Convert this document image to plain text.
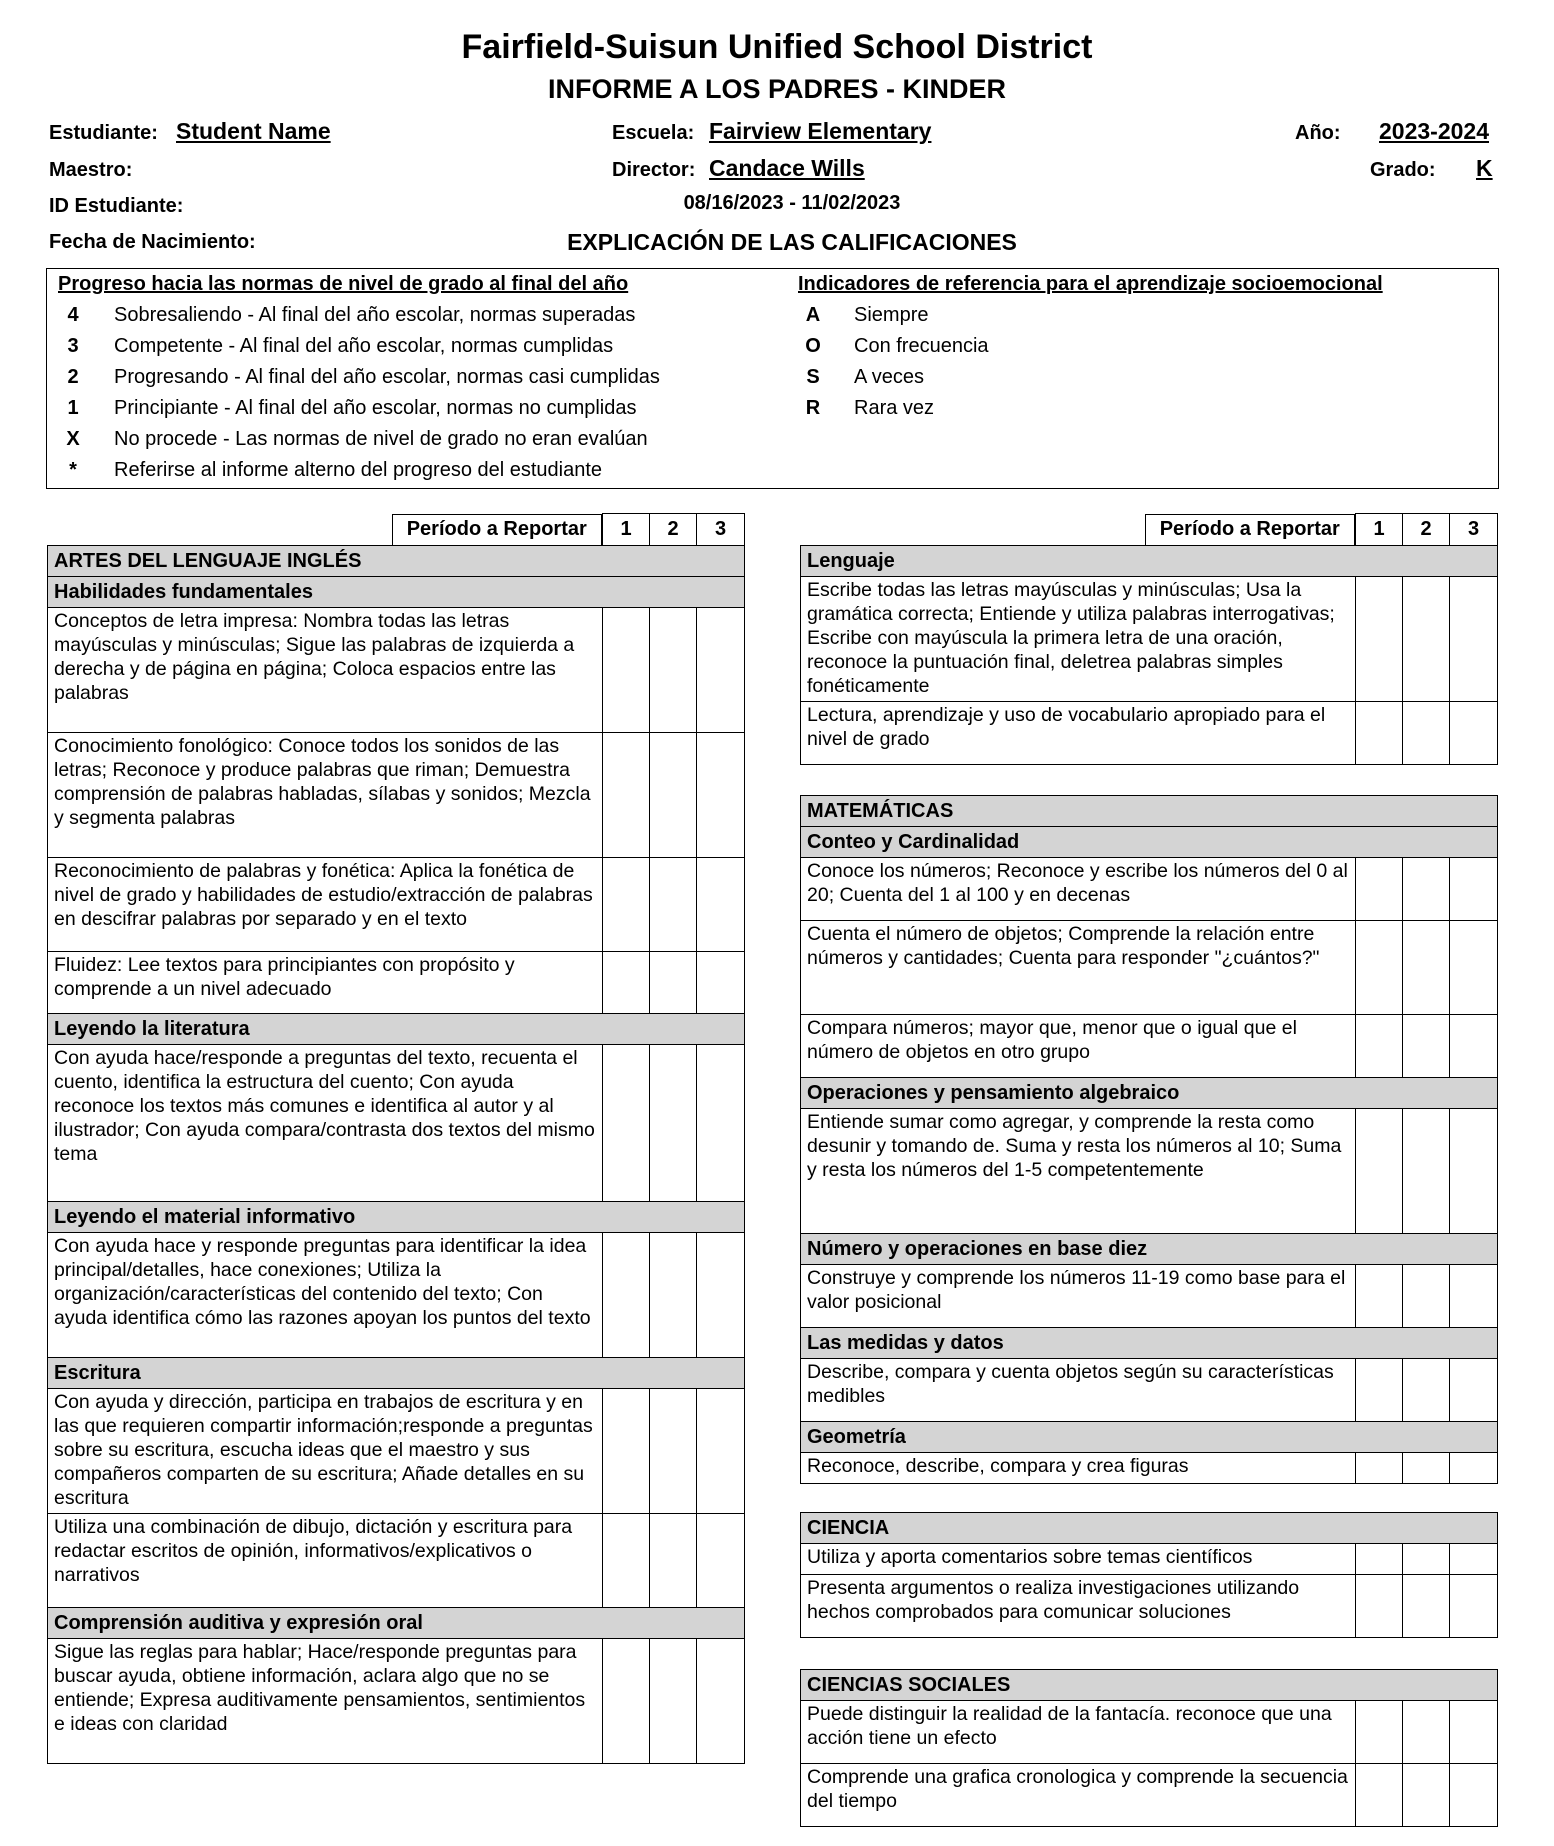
Fairfield-Suisun Unified School District
INFORME A LOS PADRES - KINDER
Estudiante: Student Name	Escuela: Fairview Elementary	Año: 2023-2024
Maestro:	Director: Candace Wills	Grado: K
ID Estudiante:	08/16/2023 - 11/02/2023
Fecha de Nacimiento:	EXPLICACIÓN DE LAS CALIFICACIONES
Progreso hacia las normas de nivel de grado al final del año	Indicadores de referencia para el aprendizaje socioemocional
4	Sobresaliendo - Al final del año escolar, normas superadas
3	Competente - Al final del año escolar, normas cumplidas
2	Progresando - Al final del año escolar, normas casi cumplidas
1	Principiante - Al final del año escolar, normas no cumplidas
X	No procede - Las normas de nivel de grado no eran evalúan
*	Referirse al informe alterno del progreso del estudiante
A	Siempre
O	Con frecuencia
S	A veces
R	Rara vez
Período a Reportar	1	2	3
ARTES DEL LENGUAJE INGLÉS			
Habilidades fundamentales			
Conceptos de letra impresa: Nombra todas las letras mayúsculas y minúsculas; Sigue las palabras de izquierda a derecha y de página en página; Coloca espacios entre las palabras			
Conocimiento fonológico: Conoce todos los sonidos de las letras; Reconoce y produce palabras que riman; Demuestra comprensión de palabras habladas, sílabas y sonidos; Mezcla y segmenta palabras			
Reconocimiento de palabras y fonética: Aplica la fonética de nivel de grado y habilidades de estudio/extracción de palabras en descifrar palabras por separado y en el texto			
Fluidez: Lee textos para principiantes con propósito y comprende a un nivel adecuado			
Leyendo la literatura			
Con ayuda hace/responde a preguntas del texto, recuenta el cuento, identifica la estructura del cuento; Con ayuda reconoce los textos más comunes e identifica al autor y al ilustrador; Con ayuda compara/contrasta dos textos del mismo tema			
Leyendo el material informativo			
Con ayuda hace y responde preguntas para identificar la idea principal/detalles, hace conexiones; Utiliza la organización/características del contenido del texto; Con ayuda identifica cómo las razones apoyan los puntos del texto			
Escritura			
Con ayuda y dirección, participa en trabajos de escritura y en las que requieren compartir información;responde a preguntas sobre su escritura, escucha ideas que el maestro y sus compañeros comparten de su escritura; Añade detalles en su escritura			
Utiliza una combinación de dibujo, dictación y escritura para redactar escritos de opinión, informativos/explicativos o narrativos			
Comprensión auditiva y expresión oral			
Sigue las reglas para hablar; Hace/responde preguntas para buscar ayuda, obtiene información, aclara algo que no se entiende; Expresa auditivamente pensamientos, sentimientos e ideas con claridad			
Período a Reportar	1	2	3
Lenguaje			
Escribe todas las letras mayúsculas y minúsculas; Usa la gramática correcta; Entiende y utiliza palabras interrogativas; Escribe con mayúscula la primera letra de una oración, reconoce la puntuación final, deletrea palabras simples fonéticamente			
Lectura, aprendizaje y uso de vocabulario apropiado para el nivel de grado			
MATEMÁTICAS			
Conteo y Cardinalidad			
Conoce los números; Reconoce y escribe los números del 0 al 20; Cuenta del 1 al 100 y en decenas			
Cuenta el número de objetos; Comprende la relación entre números y cantidades; Cuenta para responder "¿cuántos?"			
Compara números; mayor que, menor que o igual que el número de objetos en otro grupo			
Operaciones y pensamiento algebraico			
Entiende sumar como agregar, y comprende la resta como desunir y tomando de. Suma y resta los números al 10; Suma y resta los números del 1-5 competentemente			
Número y operaciones en base diez			
Construye y comprende los números 11-19 como base para el valor posicional			
Las medidas y datos			
Describe, compara y cuenta objetos según su características medibles			
Geometría			
Reconoce, describe, compara y crea figuras			
CIENCIA			
Utiliza y aporta comentarios sobre temas científicos			
Presenta argumentos o realiza investigaciones utilizando hechos comprobados para comunicar soluciones			
CIENCIAS SOCIALES			
Puede distinguir la realidad de la fantacía. reconoce que una acción tiene un efecto			
Comprende una grafica cronologica y comprende la secuencia del tiempo			
